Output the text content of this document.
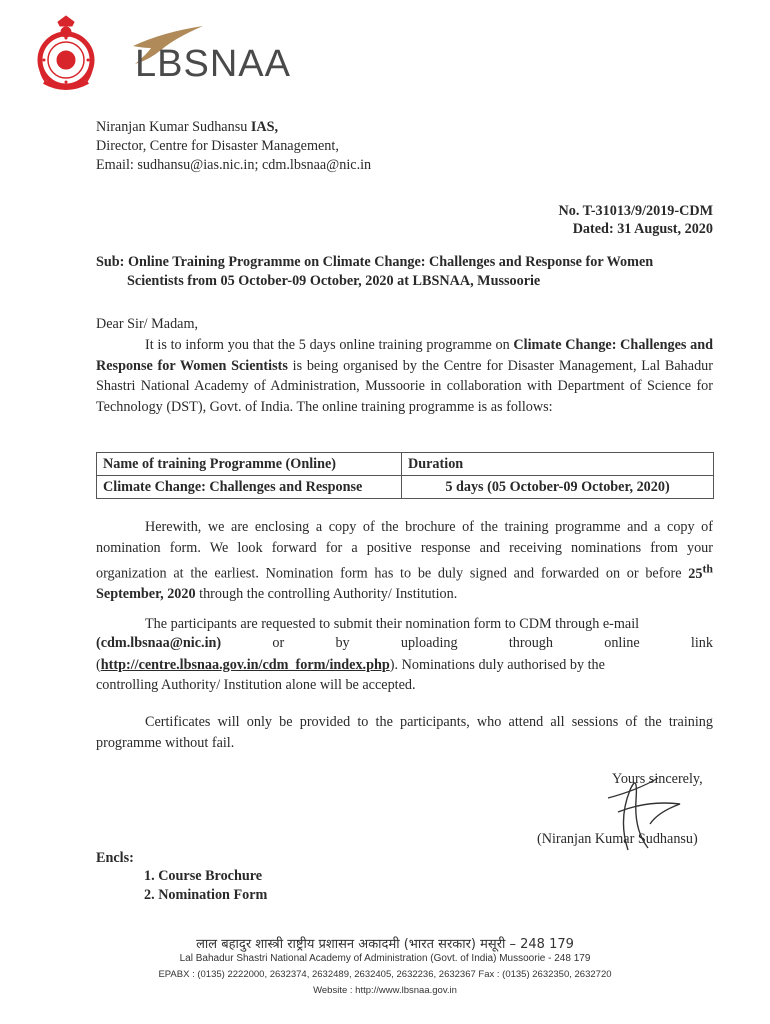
LBSNAA
Niranjan Kumar Sudhansu IAS,
Director, Centre for Disaster Management,
Email: sudhansu@ias.nic.in; cdm.lbsnaa@nic.in
No. T-31013/9/2019-CDM
Dated: 31 August, 2020
Sub: Online Training Programme on Climate Change: Challenges and Response for Women
Scientists from 05 October-09 October, 2020 at LBSNAA, Mussoorie
Dear Sir/ Madam,
It is to inform you that the 5 days online training programme on Climate Change: Challenges and Response for Women Scientists is being organised by the Centre for Disaster Management, Lal Bahadur Shastri National Academy of Administration, Mussoorie in collaboration with Department of Science for Technology (DST), Govt. of India. The online training programme is as follows:
Name of training Programme (Online)	Duration
Climate Change: Challenges and Response	5 days (05 October-09 October, 2020)
Herewith, we are enclosing a copy of the brochure of the training programme and a copy of nomination form. We look forward for a positive response and receiving nominations from your organization at the earliest. Nomination form has to be duly signed and forwarded on or before 25th September, 2020 through the controlling Authority/ Institution.
The participants are requested to submit their nomination form to CDM through e-mail
(cdm.lbsnaa@nic.in)	or	by	uploading	through	online	link
(http://centre.lbsnaa.gov.in/cdm_form/index.php). Nominations duly authorised by the
controlling Authority/ Institution alone will be accepted.
Certificates will only be provided to the participants, who attend all sessions of the training programme without fail.
Yours sincerely,
(Niranjan Kumar Sudhansu)
Encls:
1. Course Brochure
2. Nomination Form
लाल बहादुर शास्त्री राष्ट्रीय प्रशासन अकादमी (भारत सरकार) मसूरी – 248 179
Lal Bahadur Shastri National Academy of Administration (Govt. of India) Mussoorie - 248 179
EPABX : (0135) 2222000, 2632374, 2632489, 2632405, 2632236, 2632367 Fax : (0135) 2632350, 2632720
Website : http://www.lbsnaa.gov.in
